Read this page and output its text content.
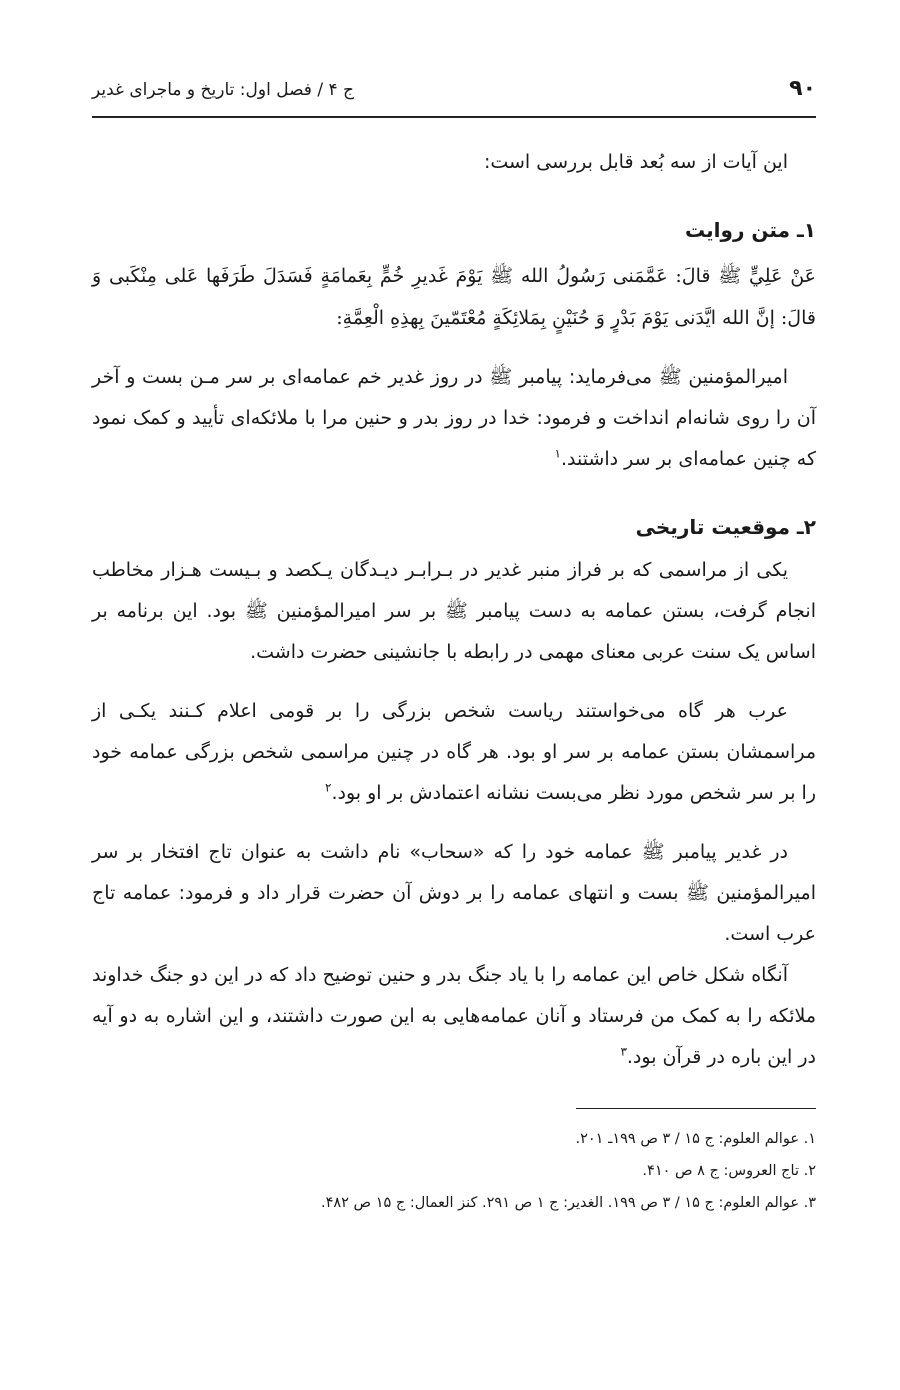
۹۰
ج ۴ / فصل اول: تاریخ و ماجرای غدیر

این آیات از سه بُعد قابل بررسی است:

۱ـ متن روایت

عَنْ عَلِيٍّ ﷺ قالَ: عَمَّمَنى رَسُولُ الله ﷺ يَوْمَ غَديرِ خُمٍّ بِعَمامَةٍ فَسَدَلَ طَرَفَها عَلى مِنْكَبى وَ قالَ: إنَّ الله ايَّدَنى يَوْمَ بَدْرٍ وَ حُنَيْنٍ بِمَلائِكَةٍ مُعْتَمّينَ بِهذِهِ الْعِمَّةِ:

امیرالمؤمنین ﷺ می‌فرماید: پیامبر ﷺ در روز غدیر خم عمامه‌ای بر سر مـن بست و آخر آن را روی شانه‌ام انداخت و فرمود: خدا در روز بدر و حنین مرا با ملائکه‌ای تأیید و کمک نمود که چنین عمامه‌ای بر سر داشتند.$^۱$

۲ـ موقعیت تاریخی

یکی از مراسمی که بر فراز منبر غدیر در بـرابـر دیـدگان یـکصد و بـیست هـزار مخاطب انجام گرفت، بستن عمامه به دست پیامبر ﷺ بر سر امیرالمؤمنین ﷺ بود. این برنامه بر اساس یک سنت عربی معنای مهمی در رابطه با جانشینی حضرت داشت.

عرب هر گاه می‌خواستند ریاست شخص بزرگی را بر قومی اعلام کـنند یکـی از مراسمشان بستن عمامه بر سر او بود. هر گاه در چنین مراسمی شخص بزرگی عمامه خود را بر سر شخص مورد نظر می‌بست نشانه اعتمادش بر او بود.$^۲$

در غدیر پیامبر ﷺ عمامه خود را که «سحاب» نام داشت به عنوان تاج افتخار بر سر امیرالمؤمنین ﷺ بست و انتهای عمامه را بر دوش آن حضرت قرار داد و فرمود: عمامه تاج عرب است.

آنگاه شکل خاص این عمامه را با یاد جنگ بدر و حنین توضیح داد که در این دو جنگ خداوند ملائکه را به کمک من فرستاد و آنان عمامه‌هایی به این صورت داشتند، و این اشاره به دو آیه در این باره در قرآن بود.$^۳$

۱. عوالم العلوم: ج ۱۵ / ۳ ص ۱۹۹ـ ۲۰۱.
۲. تاج العروس: ج ۸ ص ۴۱۰.
۳. عوالم العلوم: ج ۱۵ / ۳ ص ۱۹۹. الغدیر: ج ۱ ص ۲۹۱. کنز العمال: ج ۱۵ ص ۴۸۲.
